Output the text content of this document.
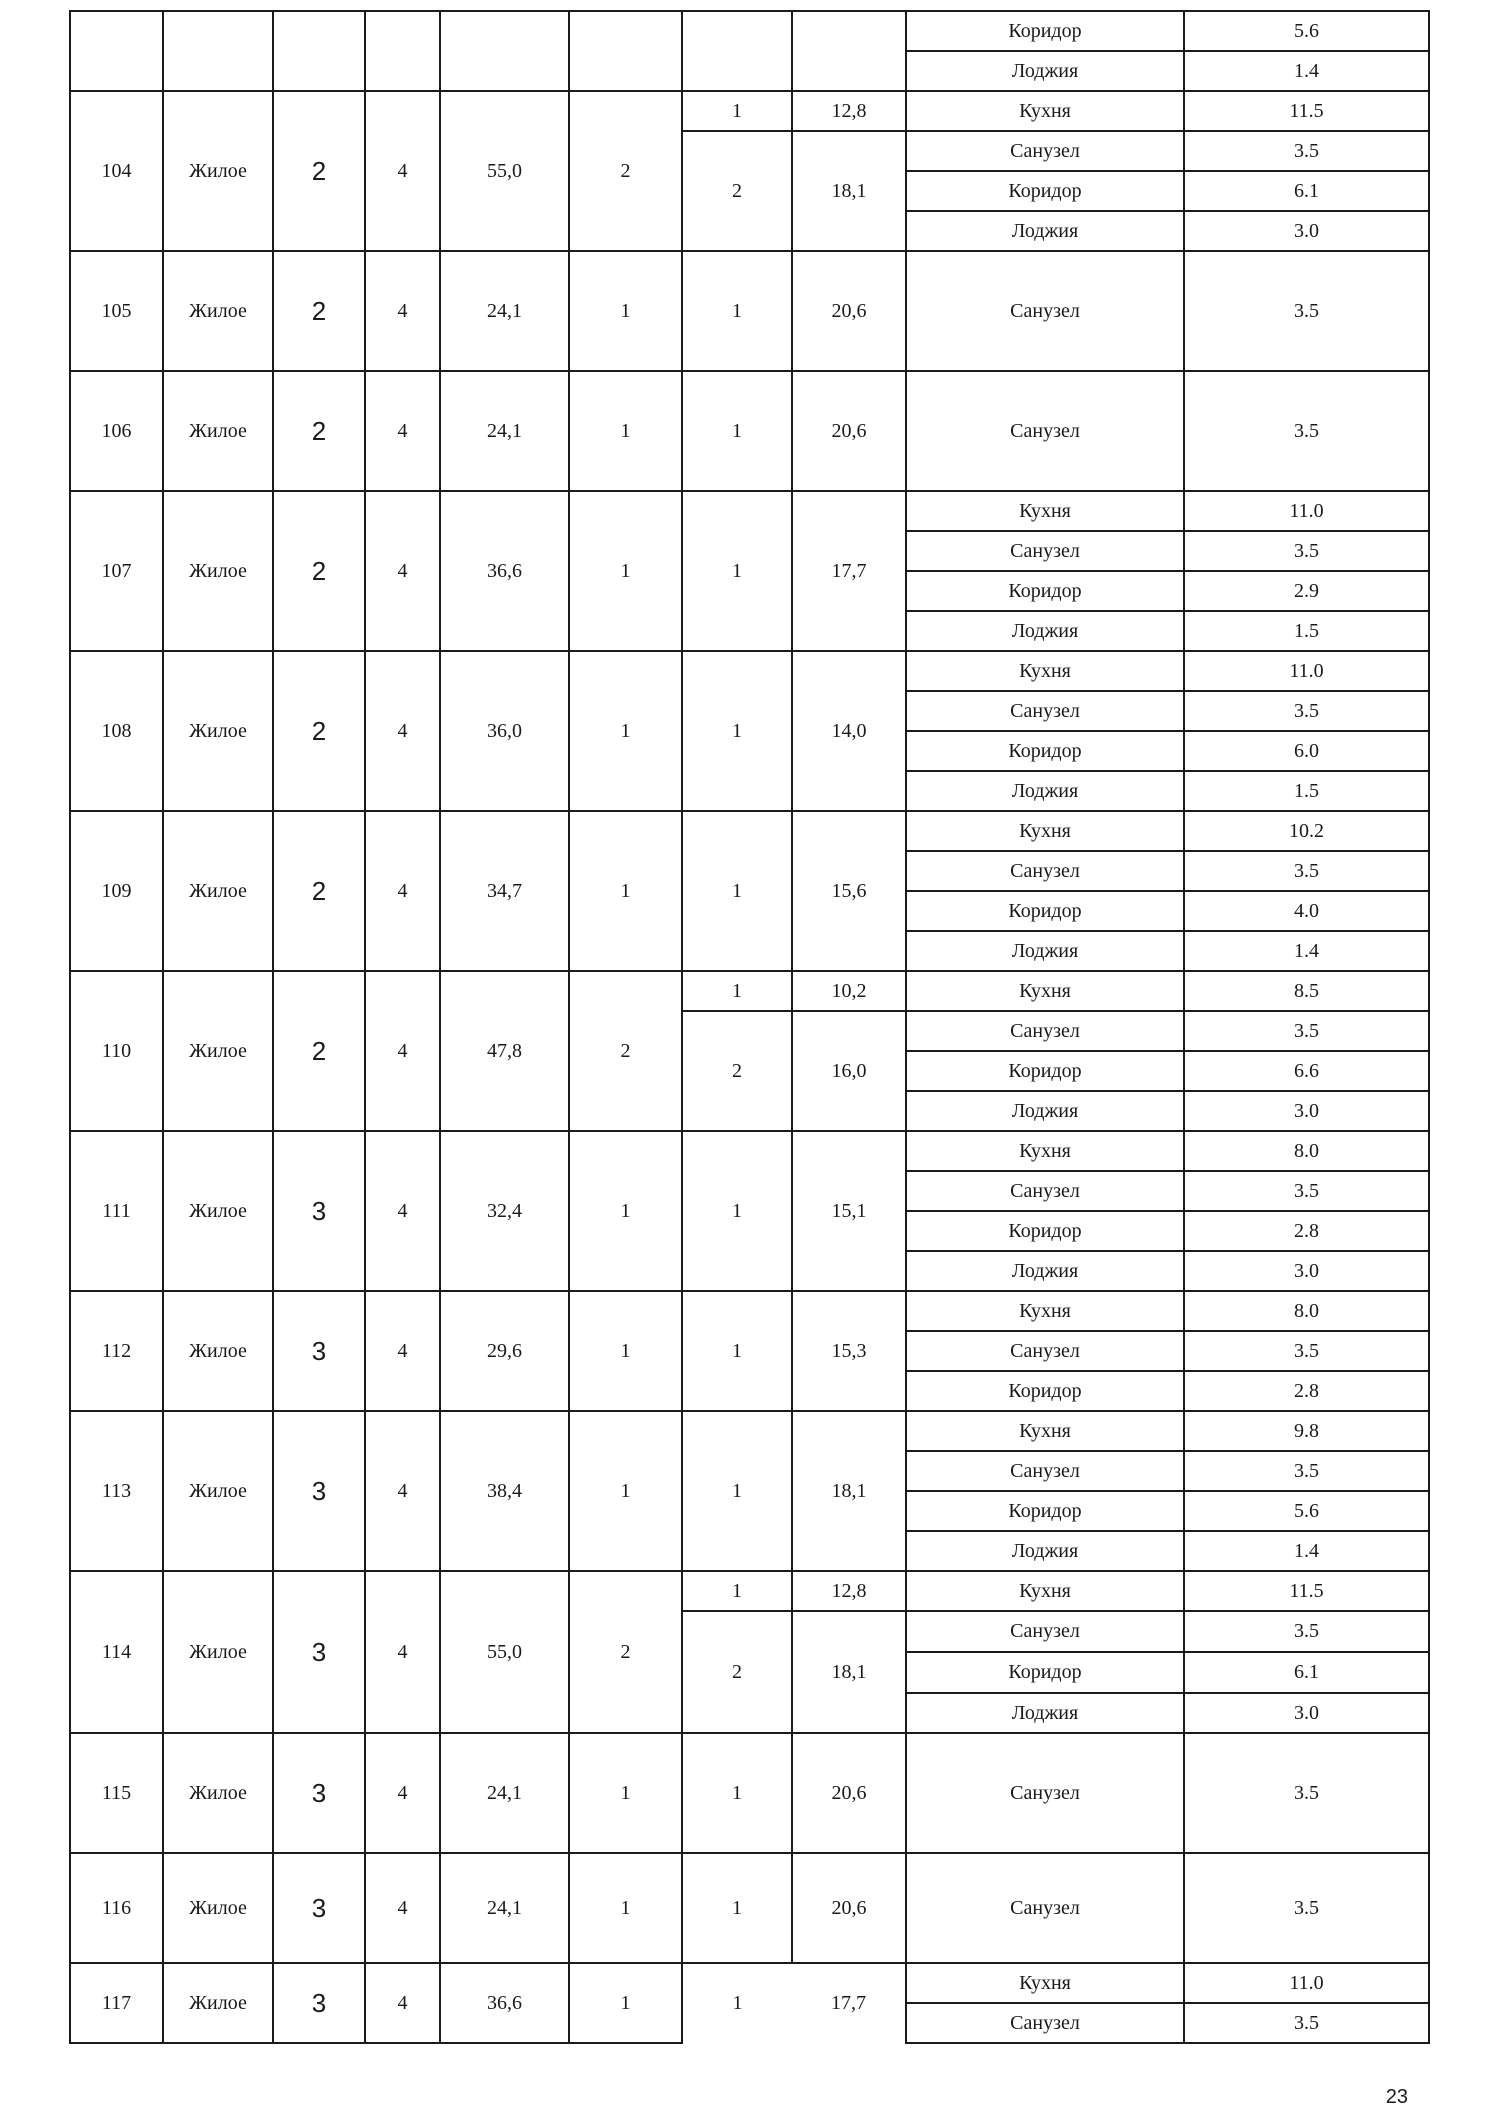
								Коридор	5.6
								Лоджия	1.4
104	Жилое	2	4	55,0	2	1	12,8	Кухня	11.5
						2	18,1	Санузел	3.5
								Коридор	6.1
								Лоджия	3.0
105	Жилое	2	4	24,1	1	1	20,6	Санузел	3.5
106	Жилое	2	4	24,1	1	1	20,6	Санузел	3.5
107	Жилое	2	4	36,6	1	1	17,7	Кухня	11.0
								Санузел	3.5
								Коридор	2.9
								Лоджия	1.5
108	Жилое	2	4	36,0	1	1	14,0	Кухня	11.0
								Санузел	3.5
								Коридор	6.0
								Лоджия	1.5
109	Жилое	2	4	34,7	1	1	15,6	Кухня	10.2
								Санузел	3.5
								Коридор	4.0
								Лоджия	1.4
110	Жилое	2	4	47,8	2	1	10,2	Кухня	8.5
						2	16,0	Санузел	3.5
								Коридор	6.6
								Лоджия	3.0
111	Жилое	3	4	32,4	1	1	15,1	Кухня	8.0
								Санузел	3.5
								Коридор	2.8
								Лоджия	3.0
112	Жилое	3	4	29,6	1	1	15,3	Кухня	8.0
								Санузел	3.5
								Коридор	2.8
113	Жилое	3	4	38,4	1	1	18,1	Кухня	9.8
								Санузел	3.5
								Коридор	5.6
								Лоджия	1.4
114	Жилое	3	4	55,0	2	1	12,8	Кухня	11.5
						2	18,1	Санузел	3.5
								Коридор	6.1
								Лоджия	3.0
115	Жилое	3	4	24,1	1	1	20,6	Санузел	3.5
116	Жилое	3	4	24,1	1	1	20,6	Санузел	3.5
117	Жилое	3	4	36,6	1	1	17,7	Кухня	11.0
								Санузел	3.5
23
